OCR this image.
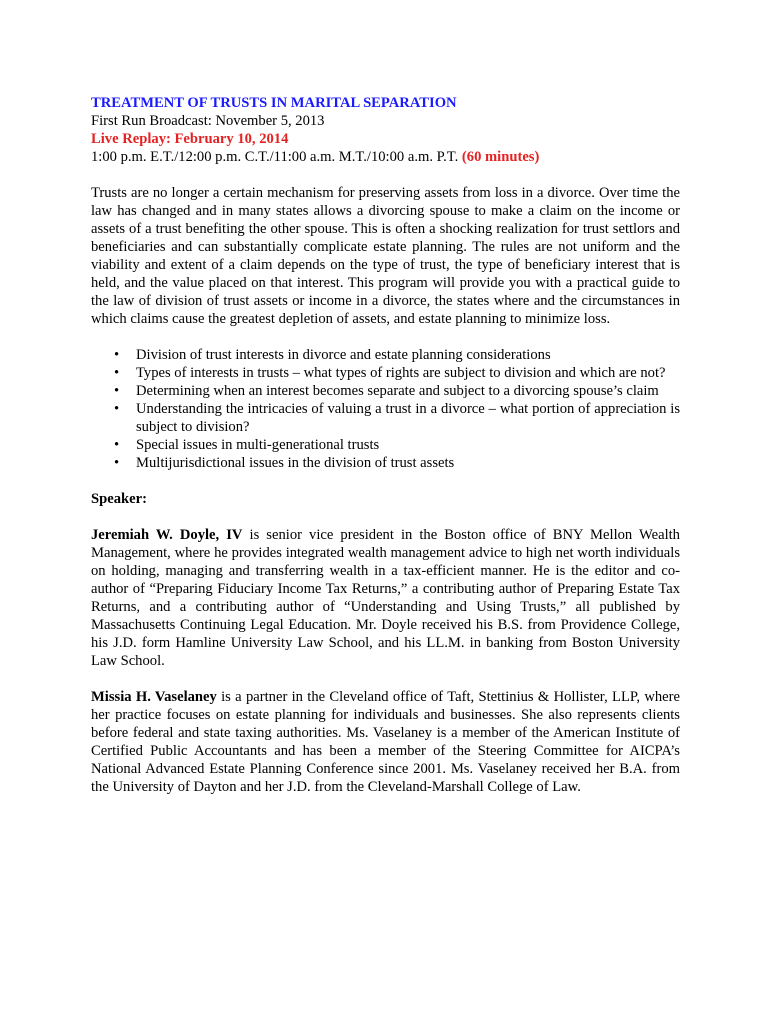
TREATMENT OF TRUSTS IN MARITAL SEPARATION

First Run Broadcast: November 5, 2013

Live Replay: February 10, 2014

1:00 p.m. E.T./12:00 p.m. C.T./11:00 a.m. M.T./10:00 a.m. P.T. (60 minutes)

Trusts are no longer a certain mechanism for preserving assets from loss in a divorce. Over time the law has changed and in many states allows a divorcing spouse to make a claim on the income or assets of a trust benefiting the other spouse. This is often a shocking realization for trust settlors and beneficiaries and can substantially complicate estate planning. The rules are not uniform and the viability and extent of a claim depends on the type of trust, the type of beneficiary interest that is held, and the value placed on that interest. This program will provide you with a practical guide to the law of division of trust assets or income in a divorce, the states where and the circumstances in which claims cause the greatest depletion of assets, and estate planning to minimize loss.

• Division of trust interests in divorce and estate planning considerations
• Types of interests in trusts – what types of rights are subject to division and which are not?
• Determining when an interest becomes separate and subject to a divorcing spouse’s claim
• Understanding the intricacies of valuing a trust in a divorce – what portion of appreciation is subject to division?
• Special issues in multi-generational trusts
• Multijurisdictional issues in the division of trust assets

Speaker:

Jeremiah W. Doyle, IV is senior vice president in the Boston office of BNY Mellon Wealth Management, where he provides integrated wealth management advice to high net worth individuals on holding, managing and transferring wealth in a tax-efficient manner. He is the editor and co-author of “Preparing Fiduciary Income Tax Returns,” a contributing author of Preparing Estate Tax Returns, and a contributing author of “Understanding and Using Trusts,” all published by Massachusetts Continuing Legal Education. Mr. Doyle received his B.S. from Providence College, his J.D. form Hamline University Law School, and his LL.M. in banking from Boston University Law School.

Missia H. Vaselaney is a partner in the Cleveland office of Taft, Stettinius & Hollister, LLP, where her practice focuses on estate planning for individuals and businesses. She also represents clients before federal and state taxing authorities. Ms. Vaselaney is a member of the American Institute of Certified Public Accountants and has been a member of the Steering Committee for AICPA’s National Advanced Estate Planning Conference since 2001. Ms. Vaselaney received her B.A. from the University of Dayton and her J.D. from the Cleveland-Marshall College of Law.
